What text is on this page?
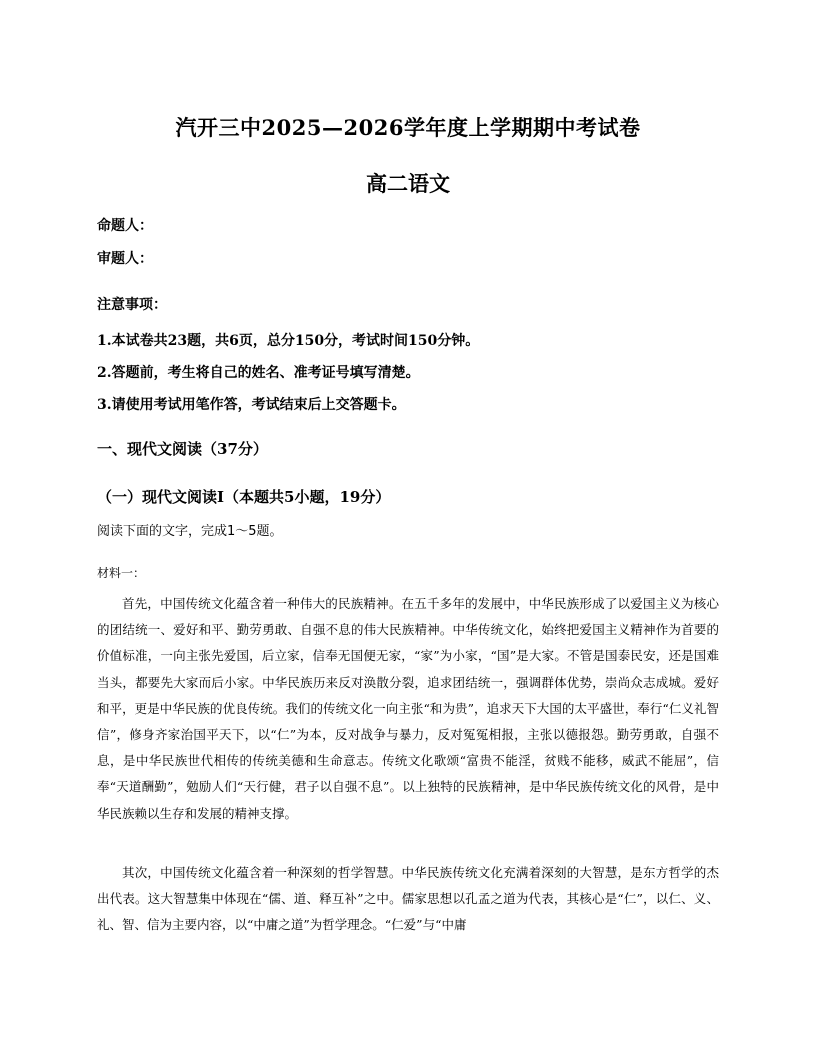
汽开三中2025—2026学年度上学期期中考试卷
高二语文
命题人：
审题人：
注意事项：
1.本试卷共23题，共6页，总分150分，考试时间150分钟。
2.答题前，考生将自己的姓名、准考证号填写清楚。
3.请使用考试用笔作答，考试结束后上交答题卡。
一、现代文阅读（37分）
（一）现代文阅读Ⅰ（本题共5小题，19分）
阅读下面的文字，完成1～5题。
材料一：

首先，中国传统文化蕴含着一种伟大的民族精神。在五千多年的发展中，中华民族形成了以爱国主义为核心的团结统一、爱好和平、勤劳勇敢、自强不息的伟大民族精神。中华传统文化，始终把爱国主义精神作为首要的价值标准，一向主张先爱国，后立家，信奉无国便无家，“家”为小家，“国”是大家。不管是国泰民安，还是国难当头，都要先大家而后小家。中华民族历来反对涣散分裂，追求团结统一，强调群体优势，崇尚众志成城。爱好和平，更是中华民族的优良传统。我们的传统文化一向主张“和为贵”，追求天下大国的太平盛世，奉行“仁义礼智信”，修身齐家治国平天下，以“仁”为本，反对战争与暴力，反对冤冤相报，主张以德报怨。勤劳勇敢，自强不息，是中华民族世代相传的传统美德和生命意志。传统文化歌颂“富贵不能淫，贫贱不能移，威武不能屈”，信奉“天道酬勤”，勉励人们“天行健，君子以自强不息”。以上独特的民族精神，是中华民族传统文化的风骨，是中华民族赖以生存和发展的精神支撑。

其次，中国传统文化蕴含着一种深刻的哲学智慧。中华民族传统文化充满着深刻的大智慧，是东方哲学的杰出代表。这大智慧集中体现在“儒、道、释互补”之中。儒家思想以孔孟之道为代表，其核心是“仁”，以仁、义、礼、智、信为主要内容，以“中庸之道”为哲学理念。“仁爱”与“中庸
